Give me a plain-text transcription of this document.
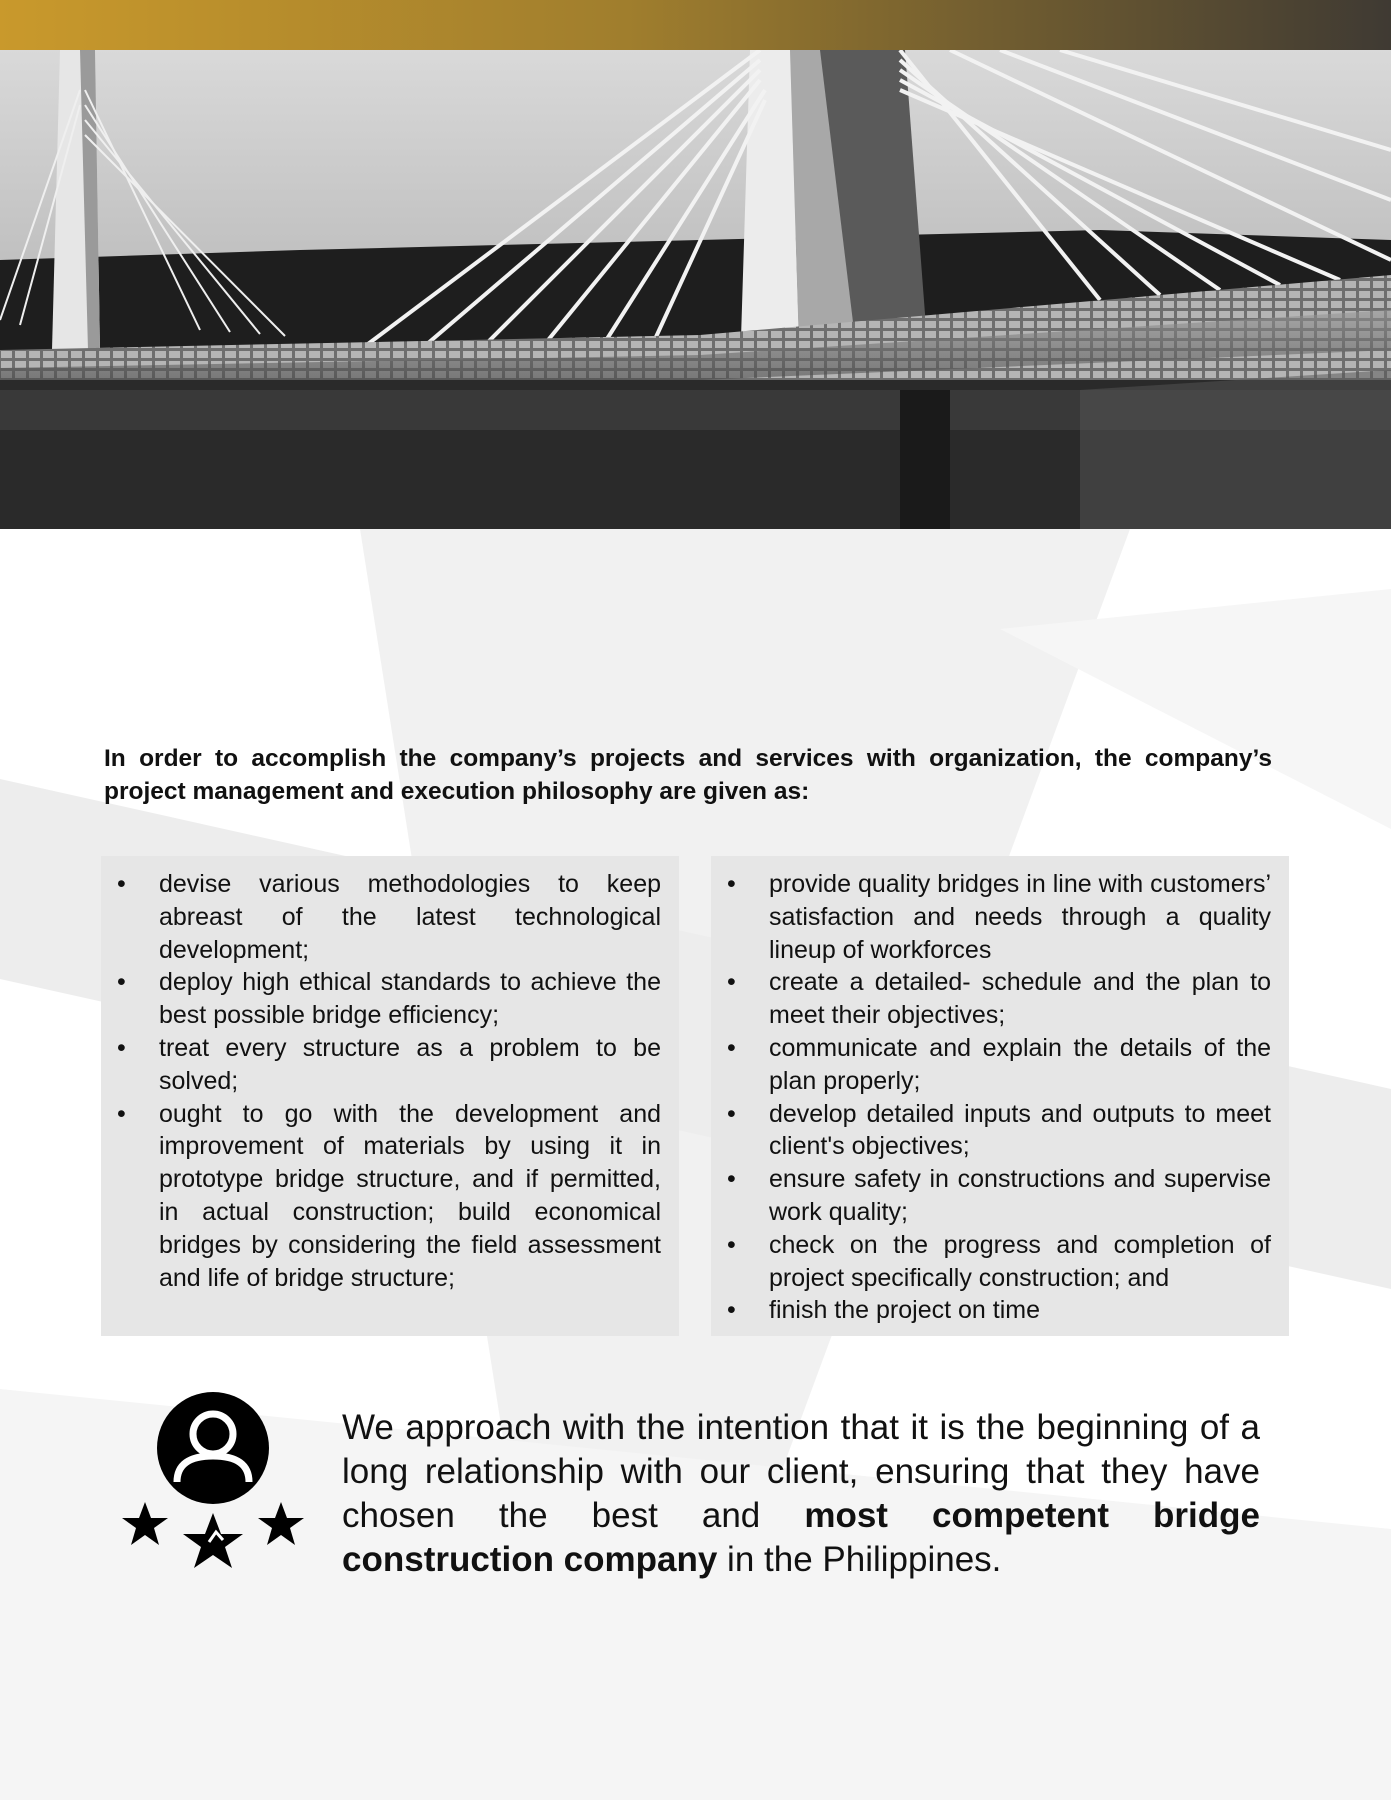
In order to accomplish the company’s projects and services with organization, the company’s project management and execution philosophy are given as:
• devise various methodologies to keep abreast of the latest technological development;
• deploy high ethical standards to achieve the best possible bridge efficiency;
• treat every structure as a problem to be solved;
• ought to go with the development and improvement of materials by using it in prototype bridge structure, and if permitted, in actual construction; build economical bridges by considering the field assessment and life of bridge structure;
• provide quality bridges in line with customers’ satisfaction and needs through a quality lineup of workforces
• create a detailed- schedule and the plan to meet their objectives;
• communicate and explain the details of the plan properly;
• develop detailed inputs and outputs to meet client's objectives;
• ensure safety in constructions and supervise work quality;
• check on the progress and completion of project specifically construction; and
• finish the project on time
We approach with the intention that it is the beginning of a long relationship with our client, ensuring that they have chosen the best and most competent bridge construction company in the Philippines.
